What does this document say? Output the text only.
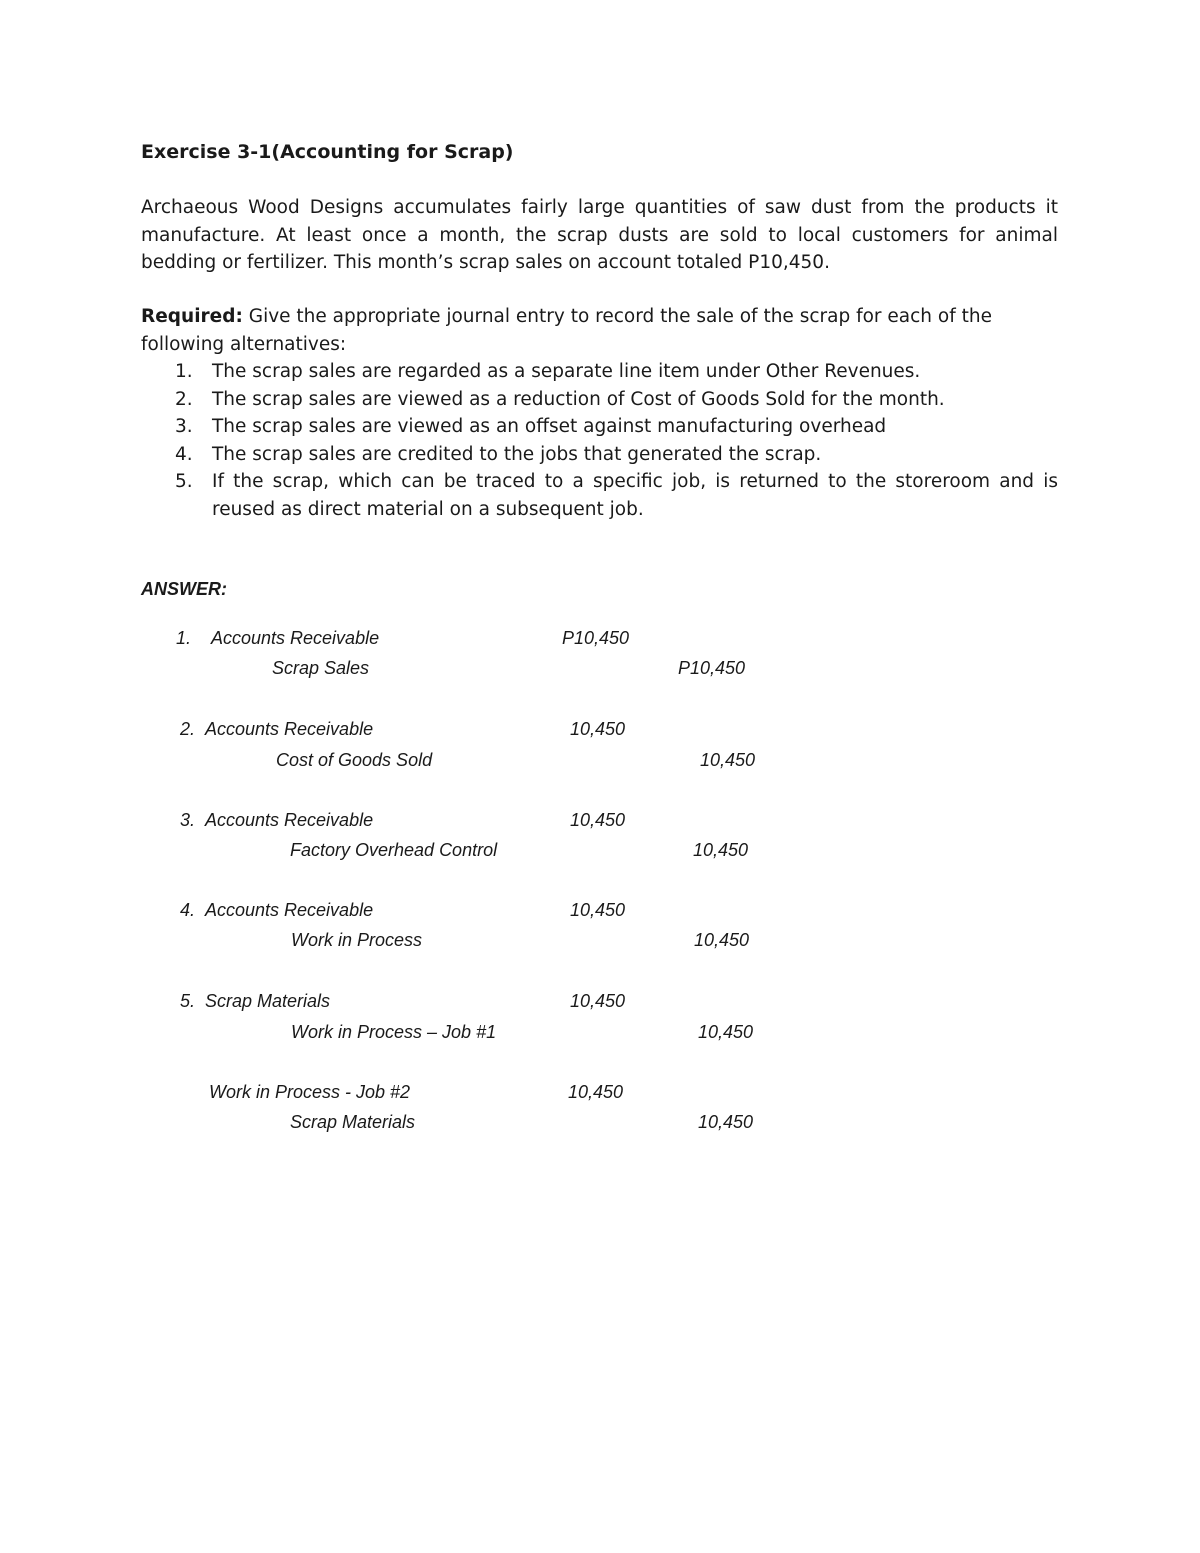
Exercise 3-1(Accounting for Scrap)

Archaeous Wood Designs accumulates fairly large quantities of saw dust from the products it manufacture. At least once a month, the scrap dusts are sold to local customers for animal bedding or fertilizer. This month’s scrap sales on account totaled P10,450.

Required: Give the appropriate journal entry to record the sale of the scrap for each of the following alternatives:

1. The scrap sales are regarded as a separate line item under Other Revenues.
2. The scrap sales are viewed as a reduction of Cost of Goods Sold for the month.
3. The scrap sales are viewed as an offset against manufacturing overhead
4. The scrap sales are credited to the jobs that generated the scrap.
5. If the scrap, which can be traced to a specific job, is returned to the storeroom and is reused as direct material on a subsequent job.
ANSWER:
1. Accounts Receivable	P10,450
Scrap Sales	P10,450
2. Accounts Receivable	10,450
Cost of Goods Sold	10,450
3. Accounts Receivable	10,450
Factory Overhead Control	10,450
4. Accounts Receivable	10,450
Work in Process	10,450
5. Scrap Materials	10,450
Work in Process – Job #1	10,450
Work in Process - Job #2	10,450
Scrap Materials	10,450
